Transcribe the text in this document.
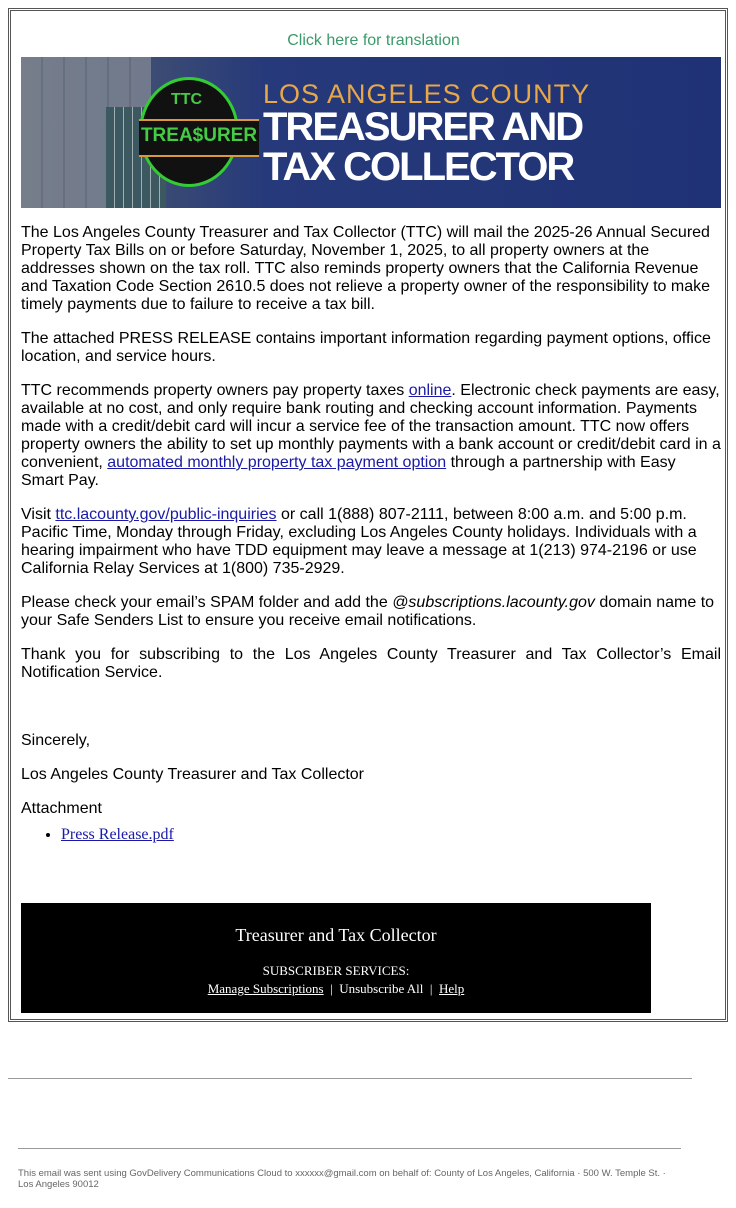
Click here for translation
TTC
TREA$URER
LOS ANGELES COUNTY
TREASURER AND
TAX COLLECTOR

The Los Angeles County Treasurer and Tax Collector (TTC) will mail the 2025-26 Annual Secured Property Tax Bills on or before Saturday, November 1, 2025, to all property owners at the addresses shown on the tax roll. TTC also reminds property owners that the California Revenue and Taxation Code Section 2610.5 does not relieve a property owner of the responsibility to make timely payments due to failure to receive a tax bill.

The attached PRESS RELEASE contains important information regarding payment options, office location, and service hours.

TTC recommends property owners pay property taxes online. Electronic check payments are easy, available at no cost, and only require bank routing and checking account information. Payments made with a credit/debit card will incur a service fee of the transaction amount. TTC now offers property owners the ability to set up monthly payments with a bank account or credit/debit card in a convenient, automated monthly property tax payment option through a partnership with Easy Smart Pay.

Visit ttc.lacounty.gov/public-inquiries or call 1(888) 807-2111, between 8:00 a.m. and 5:00 p.m. Pacific Time, Monday through Friday, excluding Los Angeles County holidays. Individuals with a hearing impairment who have TDD equipment may leave a message at 1(213) 974-2196 or use California Relay Services at 1(800) 735-2929.

Please check your email’s SPAM folder and add the @subscriptions.lacounty.gov domain name to your Safe Senders List to ensure you receive email notifications.

Thank you for subscribing to the Los Angeles County Treasurer and Tax Collector’s Email Notification Service.

Sincerely,

Los Angeles County Treasurer and Tax Collector

Attachment

• Press Release.pdf
Treasurer and Tax Collector
SUBSCRIBER SERVICES:
Manage Subscriptions | Unsubscribe All | Help
This email was sent using GovDelivery Communications Cloud to xxxxxx@gmail.com on behalf of: County of Los Angeles, California · 500 W. Temple St. · Los Angeles 90012
